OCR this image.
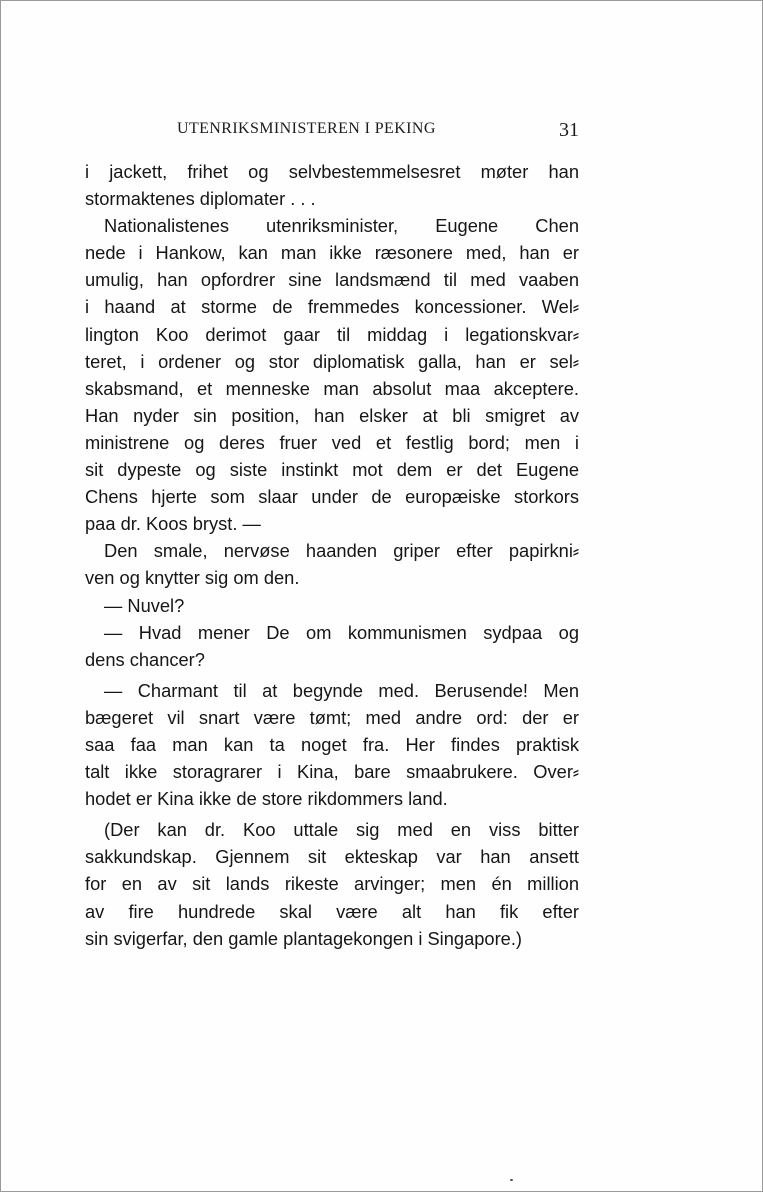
UTENRIKSMINISTEREN I PEKING	31
i jackett, frihet og selvbestemmelsesret møter han
stormaktenes diplomater . . .
Nationalistenes utenriksminister, Eugene Chen
nede i Hankow, kan man ikke ræsonere med, han er
umulig, han opfordrer sine landsmænd til med vaaben
i haand at storme de fremmedes koncessioner. Wel⸗
lington Koo derimot gaar til middag i legationskvar⸗
teret, i ordener og stor diplomatisk galla, han er sel⸗
skabsmand, et menneske man absolut maa akceptere.
Han nyder sin position, han elsker at bli smigret av
ministrene og deres fruer ved et festlig bord; men i
sit dypeste og siste instinkt mot dem er det Eugene
Chens hjerte som slaar under de europæiske storkors
paa dr. Koos bryst. —
Den smale, nervøse haanden griper efter papirkni⸗
ven og knytter sig om den.
— Nuvel?
— Hvad mener De om kommunismen sydpaa og
dens chancer?
— Charmant til at begynde med. Berusende! Men
bægeret vil snart være tømt; med andre ord: der er
saa faa man kan ta noget fra. Her findes praktisk
talt ikke storagrarer i Kina, bare smaabrukere. Over⸗
hodet er Kina ikke de store rikdommers land.
(Der kan dr. Koo uttale sig med en viss bitter
sakkundskap. Gjennem sit ekteskap var han ansett
for en av sit lands rikeste arvinger; men én million
av fire hundrede skal være alt han fik efter
sin svigerfar, den gamle plantagekongen i Singapore.)
